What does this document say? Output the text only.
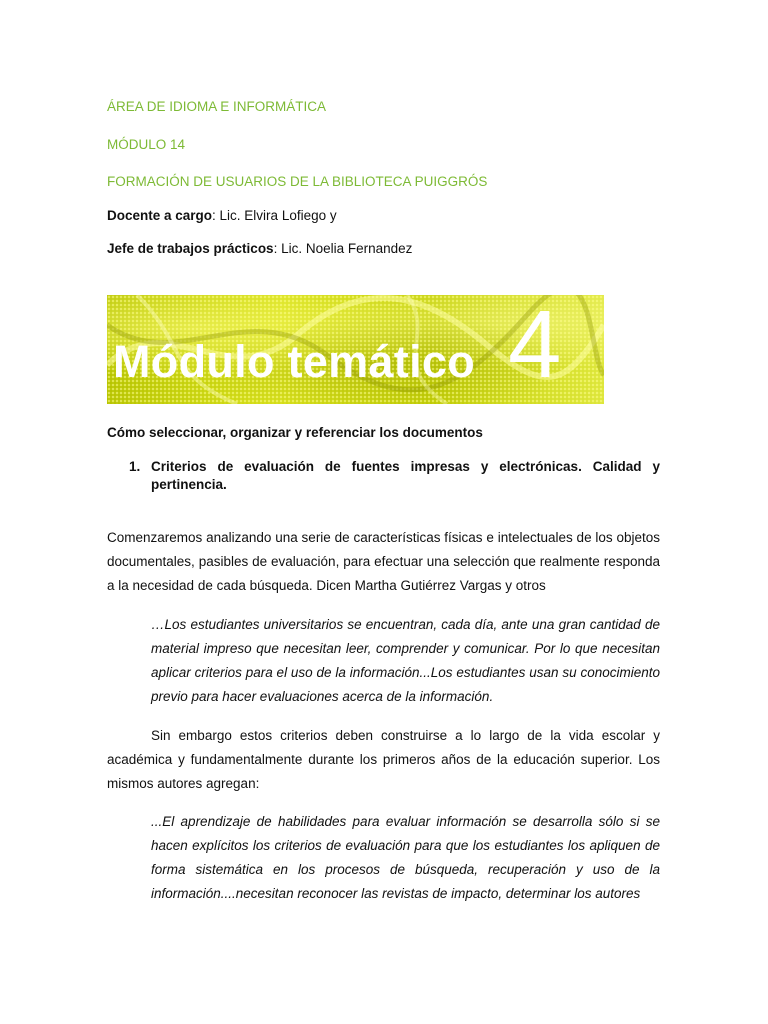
ÁREA DE IDIOMA E INFORMÁTICA
MÓDULO 14
FORMACIÓN DE USUARIOS DE LA BIBLIOTECA PUIGGRÓS
Docente a cargo: Lic. Elvira Lofiego y
Jefe de trabajos prácticos: Lic. Noelia Fernandez
Módulo temático 4
Cómo seleccionar, organizar y referenciar los documentos
1. Criterios de evaluación de fuentes impresas y electrónicas. Calidad y pertinencia.
Comenzaremos analizando una serie de características físicas e intelectuales de los objetos documentales, pasibles de evaluación, para efectuar una selección que realmente responda a la necesidad de cada búsqueda. Dicen Martha Gutiérrez Vargas y otros
…Los estudiantes universitarios se encuentran, cada día, ante una gran cantidad de material impreso que necesitan leer, comprender y comunicar. Por lo que necesitan aplicar criterios para el uso de la información...Los estudiantes usan su conocimiento previo para hacer evaluaciones acerca de la información.
Sin embargo estos criterios deben construirse a lo largo de la vida escolar y académica y fundamentalmente durante los primeros años de la educación superior. Los mismos autores agregan:
...El aprendizaje de habilidades para evaluar información se desarrolla sólo si se hacen explícitos los criterios de evaluación para que los estudiantes los apliquen de forma sistemática en los procesos de búsqueda, recuperación y uso de la información....necesitan reconocer las revistas de impacto, determinar los autores
